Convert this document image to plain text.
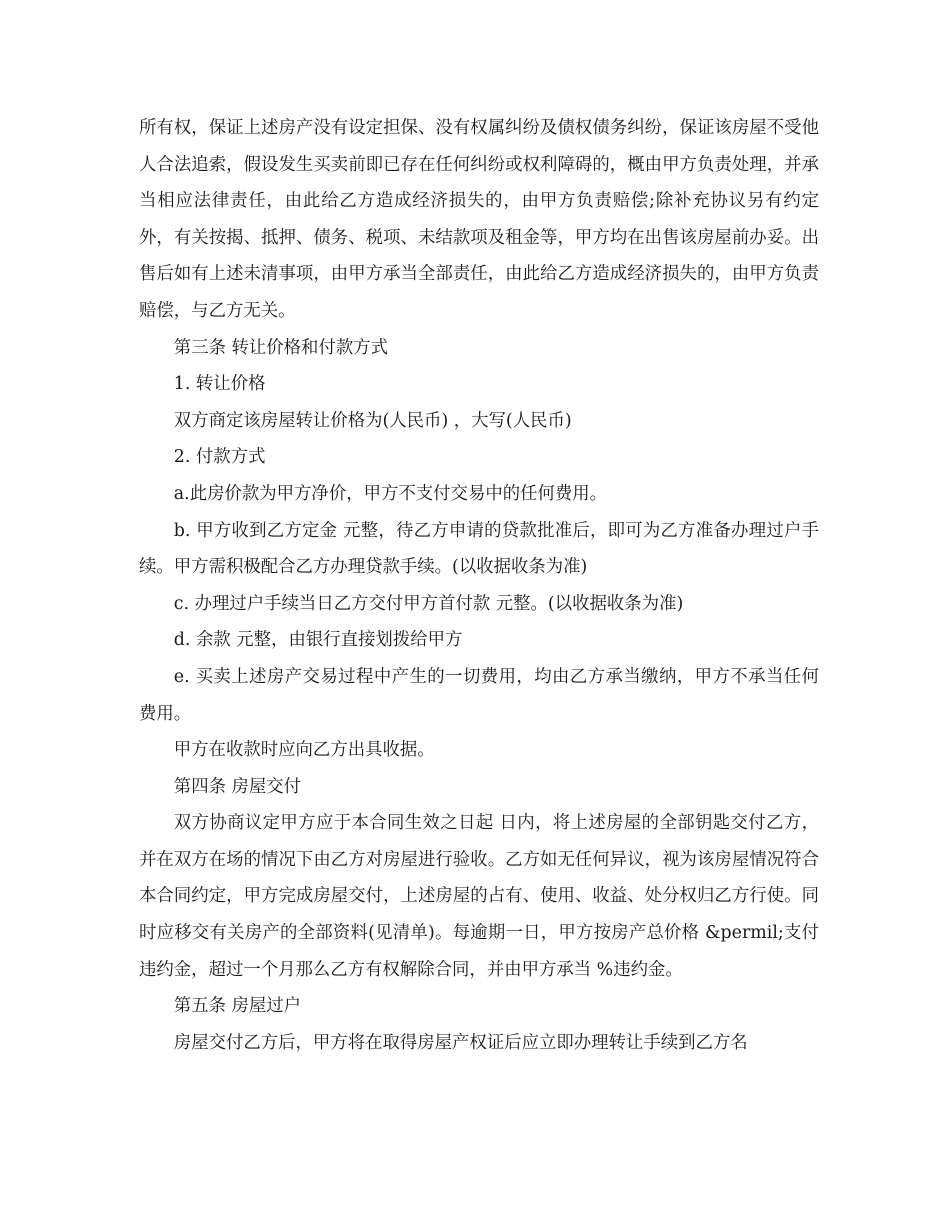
所有权，保证上述房产没有设定担保、没有权属纠纷及债权债务纠纷，保证该房屋不受他人合法追索，假设发生买卖前即已存在任何纠纷或权利障碍的，概由甲方负责处理，并承当相应法律责任，由此给乙方造成经济损失的，由甲方负责赔偿;除补充协议另有约定外，有关按揭、抵押、债务、税项、未结款项及租金等，甲方均在出售该房屋前办妥。出售后如有上述未清事项，由甲方承当全部责任，由此给乙方造成经济损失的，由甲方负责赔偿，与乙方无关。

第三条 转让价格和付款方式

1. 转让价格

双方商定该房屋转让价格为(人民币) ，大写(人民币)

2. 付款方式

a.此房价款为甲方净价，甲方不支付交易中的任何费用。

b. 甲方收到乙方定金 元整，待乙方申请的贷款批准后，即可为乙方准备办理过户手续。甲方需积极配合乙方办理贷款手续。(以收据收条为准)

c. 办理过户手续当日乙方交付甲方首付款 元整。(以收据收条为准)

d. 余款 元整，由银行直接划拨给甲方

e. 买卖上述房产交易过程中产生的一切费用，均由乙方承当缴纳，甲方不承当任何费用。

甲方在收款时应向乙方出具收据。

第四条 房屋交付

双方协商议定甲方应于本合同生效之日起 日内，将上述房屋的全部钥匙交付乙方，并在双方在场的情况下由乙方对房屋进行验收。乙方如无任何异议，视为该房屋情况符合本合同约定，甲方完成房屋交付，上述房屋的占有、使用、收益、处分权归乙方行使。同时应移交有关房产的全部资料(见清单)。每逾期一日，甲方按房产总价格 &permil;支付违约金，超过一个月那么乙方有权解除合同，并由甲方承当 %违约金。

第五条 房屋过户

房屋交付乙方后，甲方将在取得房屋产权证后应立即办理转让手续到乙方名
